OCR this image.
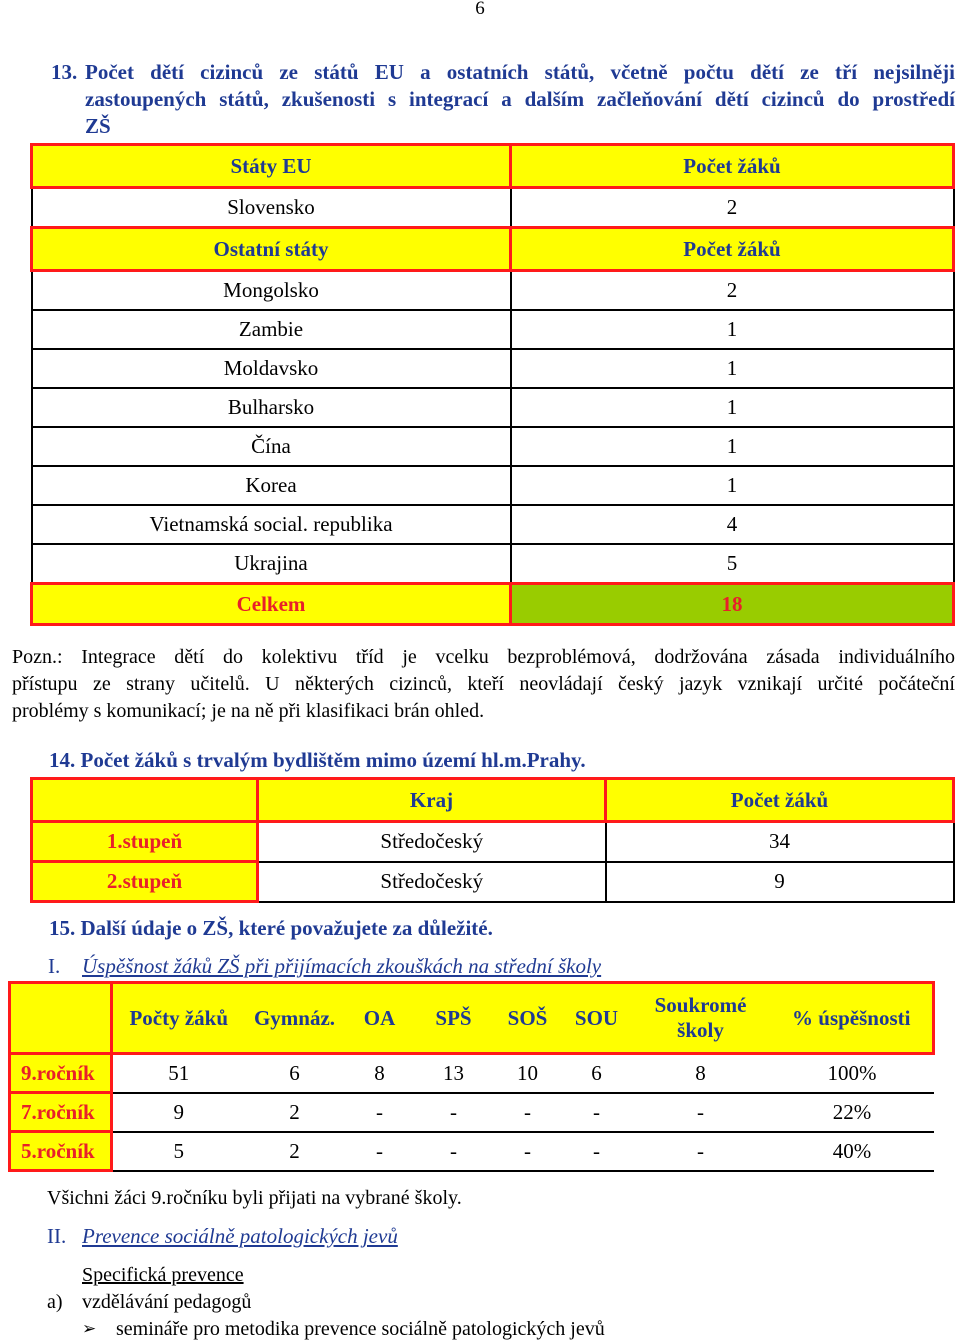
6
13. Počet dětí cizinců ze států EU a ostatních států, včetně počtu dětí ze tří nejsilněji
zastoupených států, zkušenosti s integrací a dalším začleňování dětí cizinců do prostředí
ZŠ
Státy EU	Počet žáků
Slovensko	2
Ostatní státy	Počet žáků
Mongolsko	2
Zambie	1
Moldavsko	1
Bulharsko	1
Čína	1
Korea	1
Vietnamská social. republika	4
Ukrajina	5
Celkem	18
Pozn.: Integrace dětí do kolektivu tříd je vcelku bezproblémová, dodržována zásada individuálního
přístupu ze strany učitelů. U některých cizinců, kteří neovládají český jazyk vznikají určité počáteční
problémy s komunikací; je na ně při klasifikaci brán ohled.
14. Počet žáků s trvalým bydlištěm mimo území hl.m.Prahy.
	Kraj	Počet žáků
1.stupeň	Středočeský	34
2.stupeň	Středočeský	9
15. Další údaje o ZŠ, které považujete za důležité.
I. Úspěšnost žáků ZŠ při přijímacích zkouškách na střední školy
	Počty žáků	Gymnáz.	OA	SPŠ	SOŠ	SOU	Soukromé školy	% úspěšnosti
9.ročník	51	6	8	13	10	6	8	100%
7.ročník	9	2	-	-	-	-	-	22%
5.ročník	5	2	-	-	-	-	-	40%
Všichni žáci 9.ročníku byli přijati na vybrané školy.
II. Prevence sociálně patologických jevů
Specifická prevence
a) vzdělávání pedagogů
➢ semináře pro metodika prevence sociálně patologických jevů
